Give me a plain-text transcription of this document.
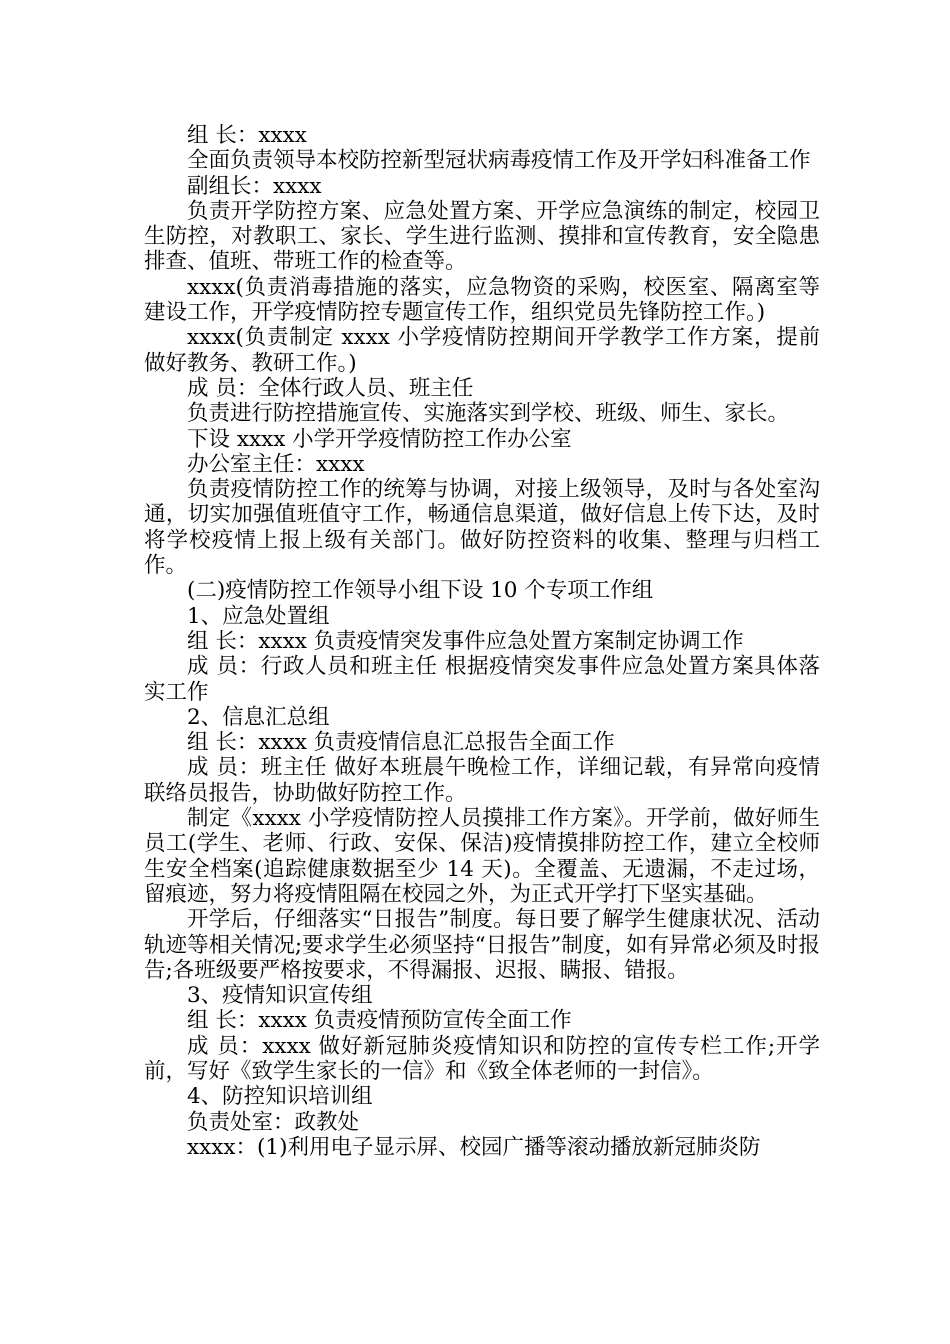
组 长：xxxx

全面负责领导本校防控新型冠状病毒疫情工作及开学妇科准备工作

副组长：xxxx

负责开学防控方案、应急处置方案、开学应急演练的制定，校园卫生防控，对教职工、家长、学生进行监测、摸排和宣传教育，安全隐患排查、值班、带班工作的检查等。

xxxx(负责消毒措施的落实，应急物资的采购，校医室、隔离室等建设工作，开学疫情防控专题宣传工作，组织党员先锋防控工作。)

xxxx(负责制定 xxxx 小学疫情防控期间开学教学工作方案，提前做好教务、教研工作。)

成 员：全体行政人员、班主任

负责进行防控措施宣传、实施落实到学校、班级、师生、家长。

下设 xxxx 小学开学疫情防控工作办公室

办公室主任：xxxx

负责疫情防控工作的统筹与协调，对接上级领导，及时与各处室沟通，切实加强值班值守工作，畅通信息渠道，做好信息上传下达，及时将学校疫情上报上级有关部门。做好防控资料的收集、整理与归档工作。

(二)疫情防控工作领导小组下设 10 个专项工作组

1、应急处置组

组 长：xxxx 负责疫情突发事件应急处置方案制定协调工作

成 员：行政人员和班主任 根据疫情突发事件应急处置方案具体落实工作

2、信息汇总组

组 长：xxxx 负责疫情信息汇总报告全面工作

成 员：班主任 做好本班晨午晚检工作，详细记载，有异常向疫情联络员报告，协助做好防控工作。

制定《xxxx 小学疫情防控人员摸排工作方案》。开学前，做好师生员工(学生、老师、行政、安保、保洁)疫情摸排防控工作，建立全校师生安全档案(追踪健康数据至少 14 天)。全覆盖、无遗漏，不走过场，留痕迹，努力将疫情阻隔在校园之外，为正式开学打下坚实基础。

开学后，仔细落实“日报告”制度。每日要了解学生健康状况、活动轨迹等相关情况;要求学生必须坚持“日报告”制度，如有异常必须及时报告;各班级要严格按要求，不得漏报、迟报、瞒报、错报。

3、疫情知识宣传组

组 长：xxxx 负责疫情预防宣传全面工作

成 员：xxxx 做好新冠肺炎疫情知识和防控的宣传专栏工作;开学前，写好《致学生家长的一信》和《致全体老师的一封信》。

4、防控知识培训组

负责处室：政教处

xxxx：(1)利用电子显示屏、校园广播等滚动播放新冠肺炎防
